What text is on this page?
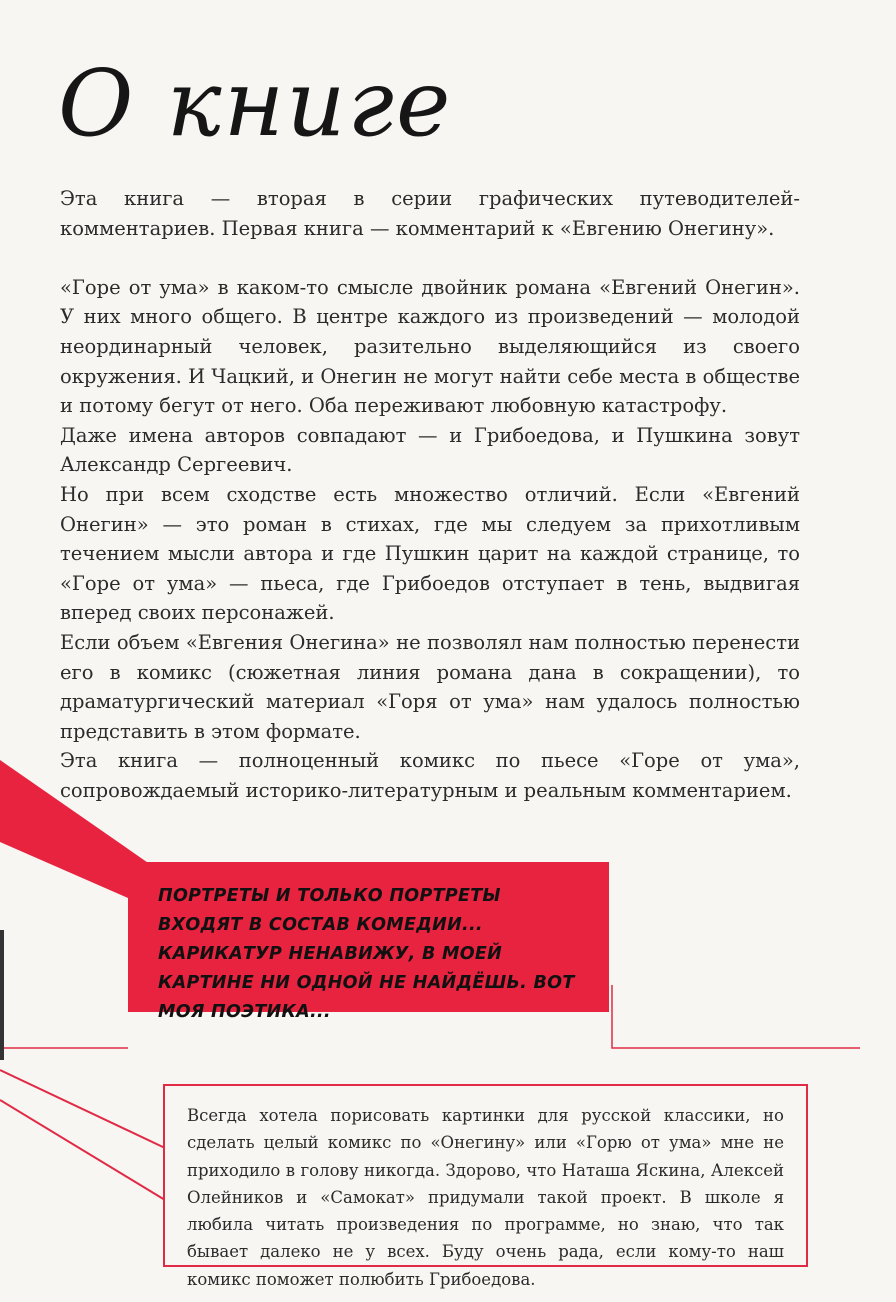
О книге

Эта книга — вторая в серии графических путеводителей-комментариев. Первая книга — комментарий к «Евгению Онегину».

«Горе от ума» в каком-то смысле двойник романа «Евгений Онегин». У них много общего. В центре каждого из произведений — молодой неординарный человек, разительно выделяющийся из своего окружения. И Чацкий, и Онегин не могут найти себе места в обществе и потому бегут от него. Оба переживают любовную катастрофу.

Даже имена авторов совпадают — и Грибоедова, и Пушкина зовут Александр Сергеевич.

Но при всем сходстве есть множество отличий. Если «Евгений Онегин» — это роман в стихах, где мы следуем за прихотливым течением мысли автора и где Пушкин царит на каждой странице, то «Горе от ума» — пьеса, где Грибоедов отступает в тень, выдвигая вперед своих персонажей.

Если объем «Евгения Онегина» не позволял нам полностью перенести его в комикс (сюжетная линия романа дана в сокращении), то драматургический материал «Горя от ума» нам удалось полностью представить в этом формате.

Эта книга — полноценный комикс по пьесе «Горе от ума», сопровождаемый историко-литературным и реальным комментарием.

ПОРТРЕТЫ И ТОЛЬКО ПОРТРЕТЫ ВХОДЯТ В СОСТАВ КОМЕДИИ... КАРИКАТУР НЕНАВИЖУ, В МОЕЙ КАРТИНЕ НИ ОДНОЙ НЕ НАЙДЁШЬ. ВОТ МОЯ ПОЭТИКА...

Всегда хотела порисовать картинки для русской классики, но сделать целый комикс по «Онегину» или «Горю от ума» мне не приходило в голову никогда. Здорово, что Наташа Яскина, Алексей Олейников и «Самокат» придумали такой проект. В школе я любила читать произведения по программе, но знаю, что так бывает далеко не у всех. Буду очень рада, если кому-то наш комикс поможет полюбить Грибоедова.
